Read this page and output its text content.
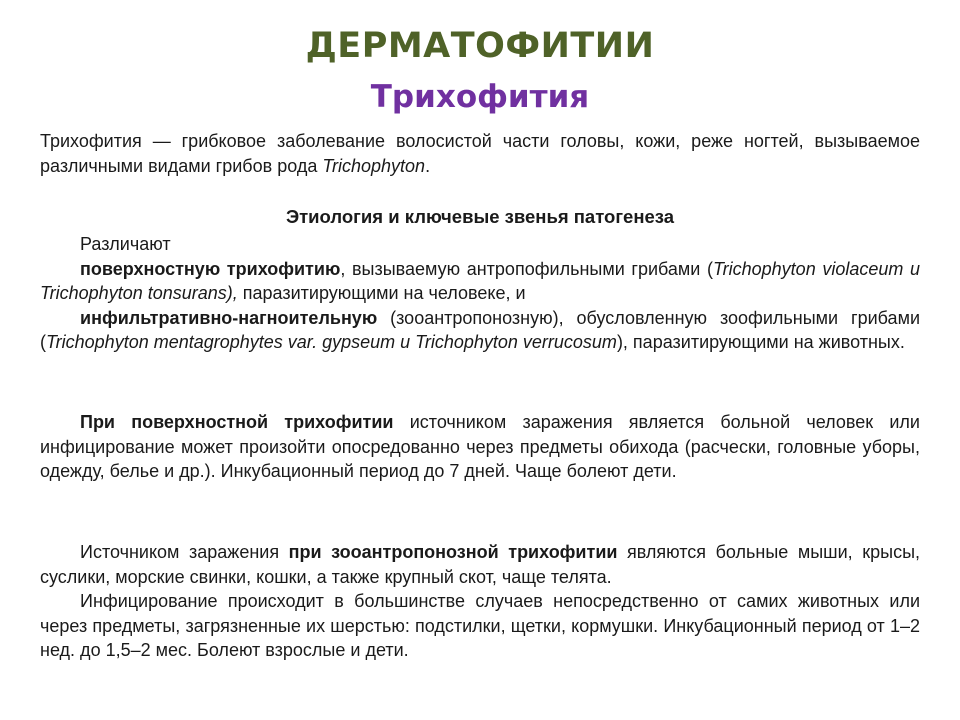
ДЕРМАТОФИТИИ
Трихофития

Трихофития — грибковое заболевание волосистой части головы, кожи, реже ногтей, вызываемое различными видами грибов рода Trichophyton.

Этиология и ключевые звенья патогенеза

Различают

поверхностную трихофитию, вызываемую антропофильными грибами (Trichophyton violaceum и Trichophyton tonsurans), паразитирующими на человеке, и

инфильтративно-нагноительную (зооантропонозную), обусловленную зоофильными грибами (Trichophyton mentagrophytes var. gypseum и Trichophyton verrucosum), паразитирующими на животных.

При поверхностной трихофитии источником заражения является больной человек или инфицирование может произойти опосредованно через предметы обихода (расчески, головные уборы, одежду, белье и др.). Инкубационный период до 7 дней. Чаще болеют дети.

Источником заражения при зооантропонозной трихофитии являются больные мыши, крысы, суслики, морские свинки, кошки, а также крупный скот, чаще телята.

Инфицирование происходит в большинстве случаев непосредственно от самих животных или через предметы, загрязненные их шерстью: подстилки, щетки, кормушки. Инкубационный период от 1–2 нед. до 1,5–2 мес. Болеют взрослые и дети.
